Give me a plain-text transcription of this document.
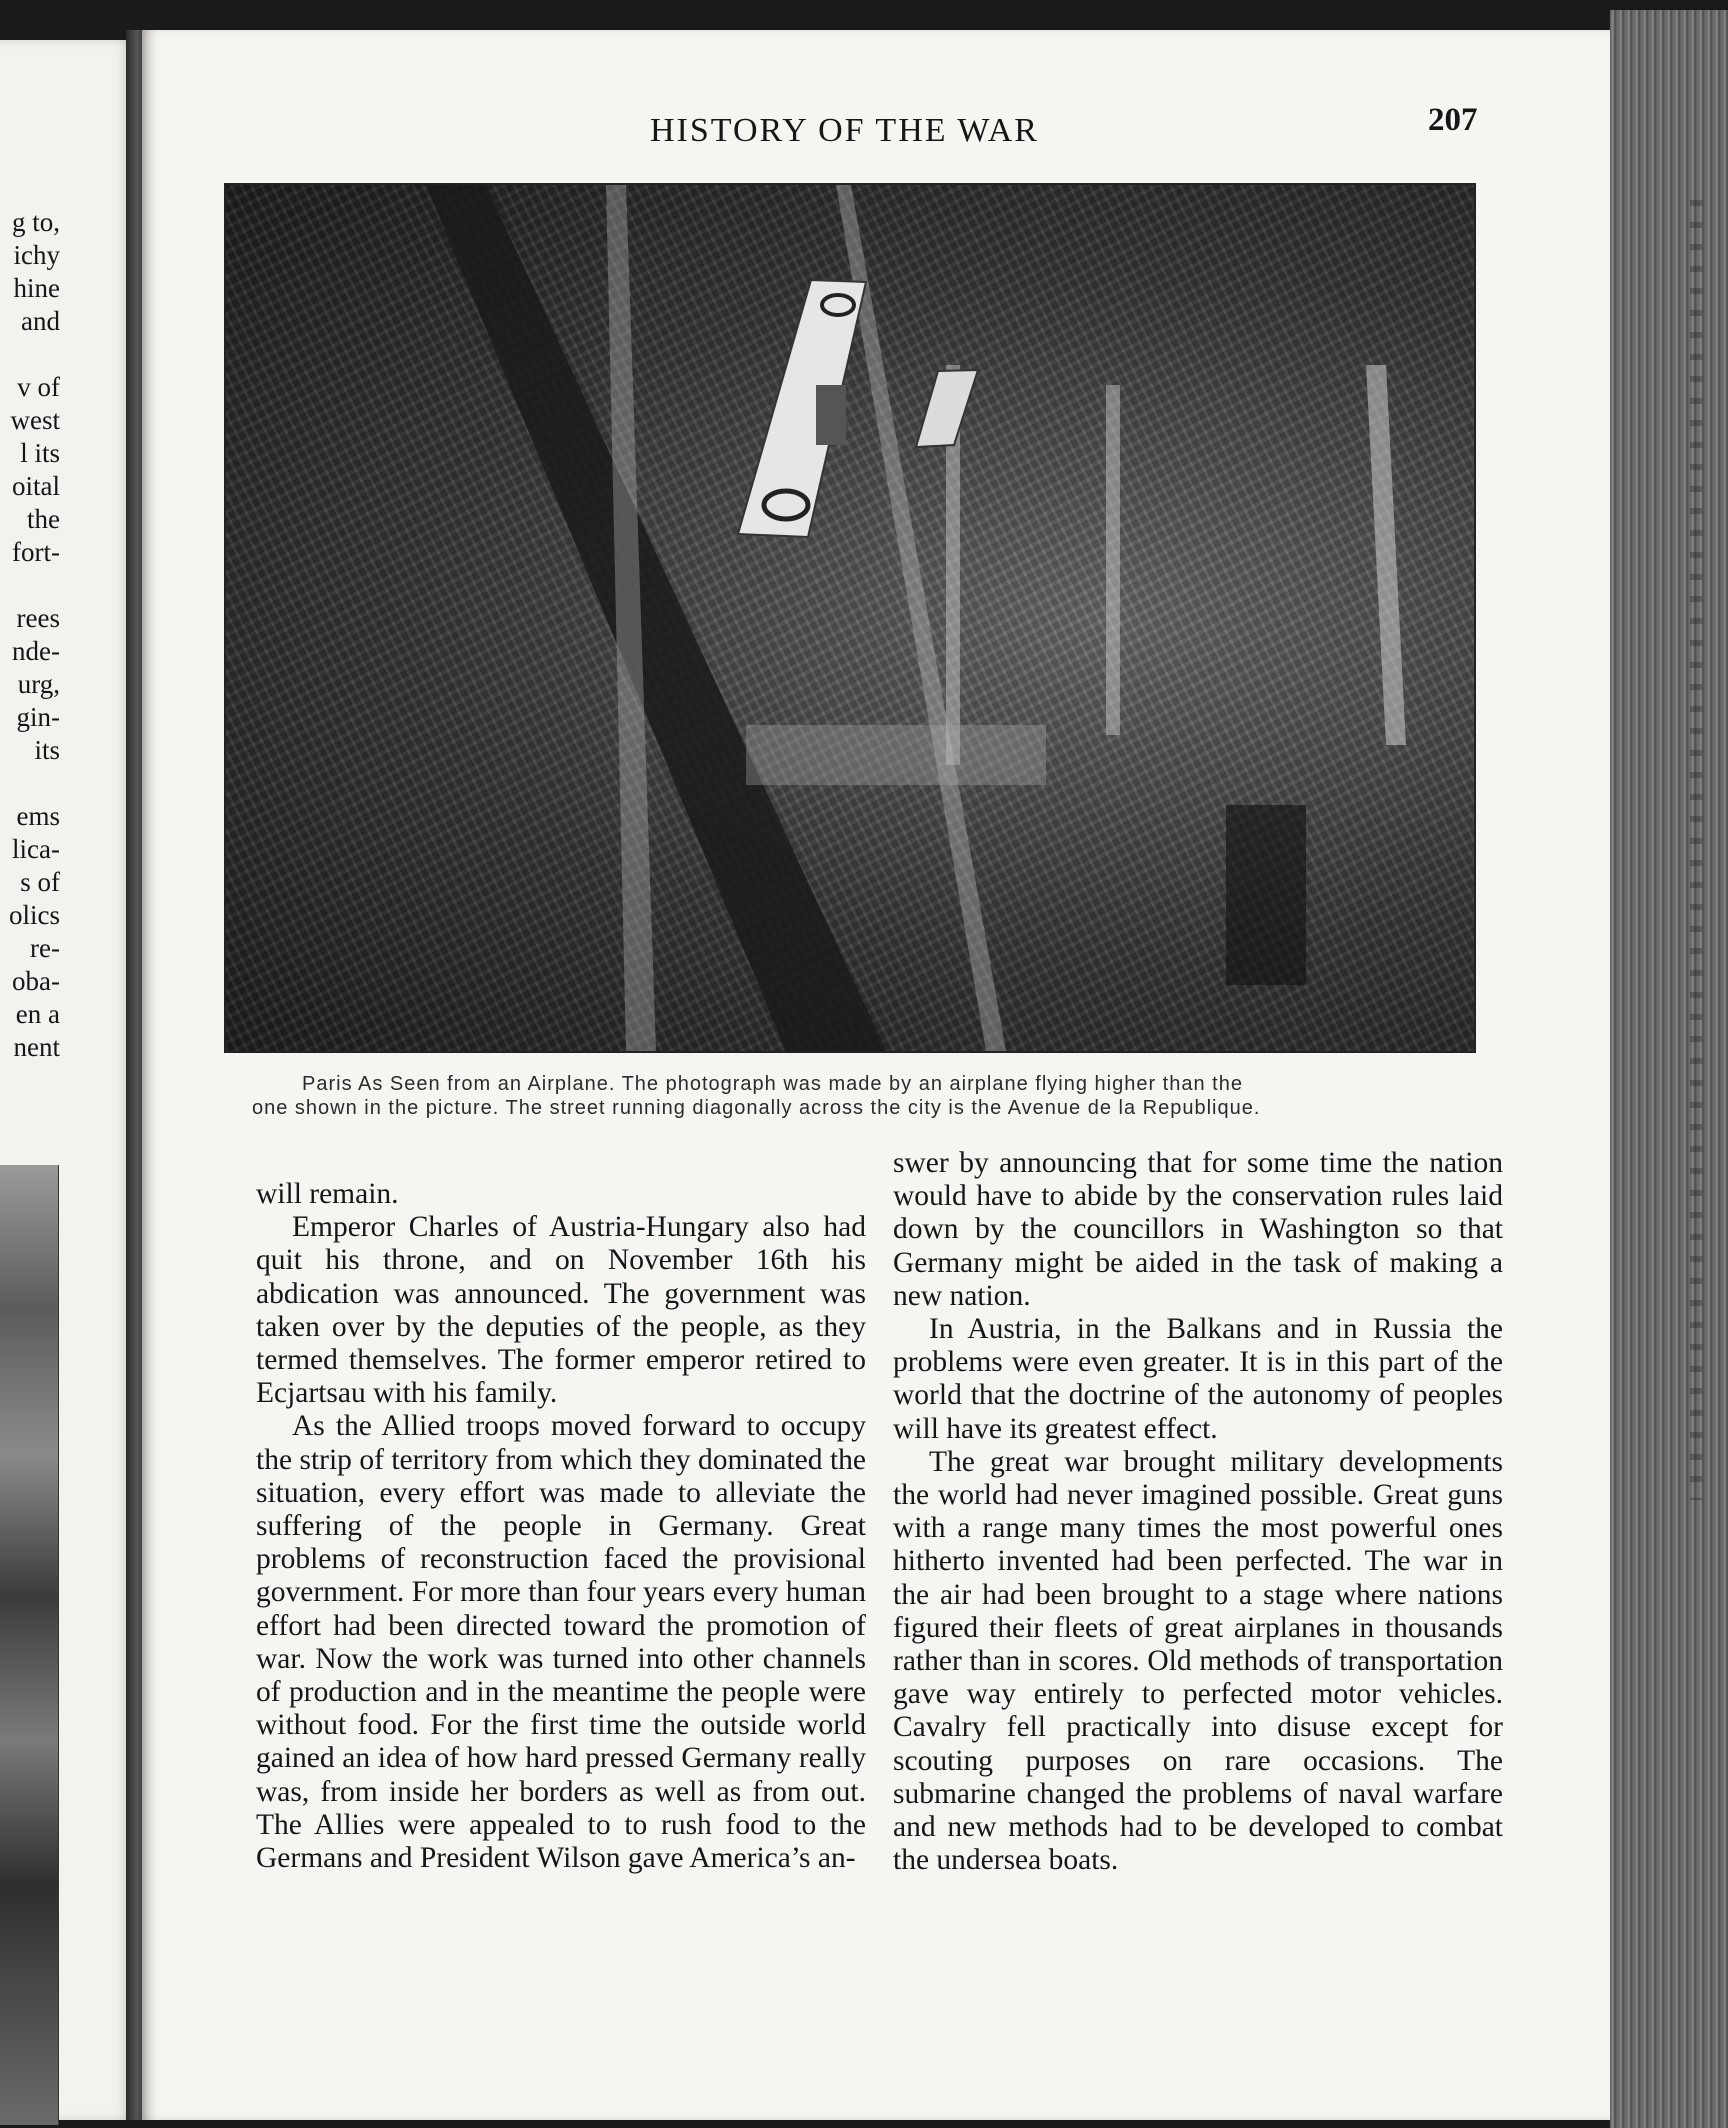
g to,
ichy
hine
and
v of
west
l its
oital
the
fort-
rees
nde-
urg,
gin-
its
ems
lica-
s of
olics
re-
oba-
en a
nent
HISTORY OF THE WAR	207
Paris As Seen from an Airplane. The photograph was made by an airplane flying higher than the
one shown in the picture. The street running diagonally across the city is the Avenue de la Republique.

will remain.

Emperor Charles of Austria-Hungary also had quit his throne, and on November 16th his abdication was announced. The government was taken over by the deputies of the people, as they termed themselves. The former emperor retired to Ecjartsau with his family.

As the Allied troops moved forward to occupy the strip of territory from which they dominated the situation, every effort was made to alleviate the suffering of the people in Germany. Great problems of reconstruction faced the provisional government. For more than four years every human effort had been directed toward the promotion of war. Now the work was turned into other channels of production and in the meantime the people were without food. For the first time the outside world gained an idea of how hard pressed Germany really was, from inside her borders as well as from out. The Allies were appealed to to rush food to the Germans and President Wilson gave America’s an-

swer by announcing that for some time the nation would have to abide by the conservation rules laid down by the councillors in Washington so that Germany might be aided in the task of making a new nation.

In Austria, in the Balkans and in Russia the problems were even greater. It is in this part of the world that the doctrine of the autonomy of peoples will have its greatest effect.

The great war brought military developments the world had never imagined possible. Great guns with a range many times the most powerful ones hitherto invented had been perfected. The war in the air had been brought to a stage where nations figured their fleets of great airplanes in thousands rather than in scores. Old methods of transportation gave way entirely to perfected motor vehicles. Cavalry fell practically into disuse except for scouting purposes on rare occasions. The submarine changed the problems of naval warfare and new methods had to be developed to combat the undersea boats.
